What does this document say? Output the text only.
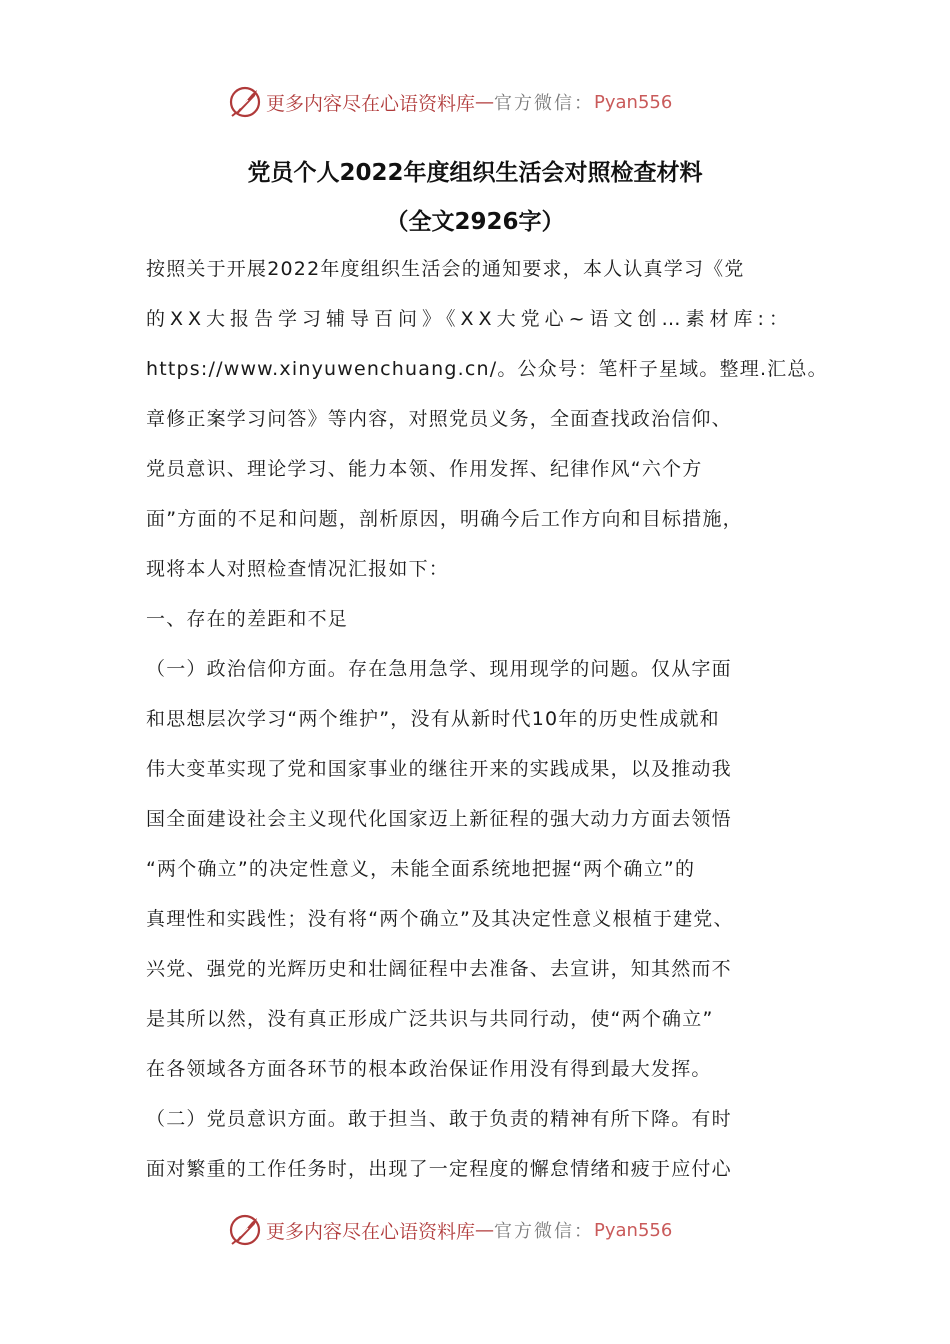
更多内容尽在心语资料库 — 官方微信： Pyan556
党员个人2022年度组织生活会对照检查材料
（全文2926字）
按照关于开展2022年度组织生活会的通知要求，本人认真学习《党
的XX大报告学习辅导百问》《XX大党心~语文创…素材库:：
https://www.xinyuwenchuang.cn/。公众号：笔杆子星域。整理.汇总。
章修正案学习问答》等内容，对照党员义务，全面查找政治信仰、
党员意识、理论学习、能力本领、作用发挥、纪律作风“六个方
面”方面的不足和问题，剖析原因，明确今后工作方向和目标措施，
现将本人对照检查情况汇报如下：
一、存在的差距和不足
（一）政治信仰方面。存在急用急学、现用现学的问题。仅从字面
和思想层次学习“两个维护”，没有从新时代10年的历史性成就和
伟大变革实现了党和国家事业的继往开来的实践成果，以及推动我
国全面建设社会主义现代化国家迈上新征程的强大动力方面去领悟
“两个确立”的决定性意义，未能全面系统地把握“两个确立”的
真理性和实践性；没有将“两个确立”及其决定性意义根植于建党、
兴党、强党的光辉历史和壮阔征程中去准备、去宣讲，知其然而不
是其所以然，没有真正形成广泛共识与共同行动，使“两个确立”
在各领域各方面各环节的根本政治保证作用没有得到最大发挥。
（二）党员意识方面。敢于担当、敢于负责的精神有所下降。有时
面对繁重的工作任务时，出现了一定程度的懈怠情绪和疲于应付心
更多内容尽在心语资料库 — 官方微信： Pyan556
